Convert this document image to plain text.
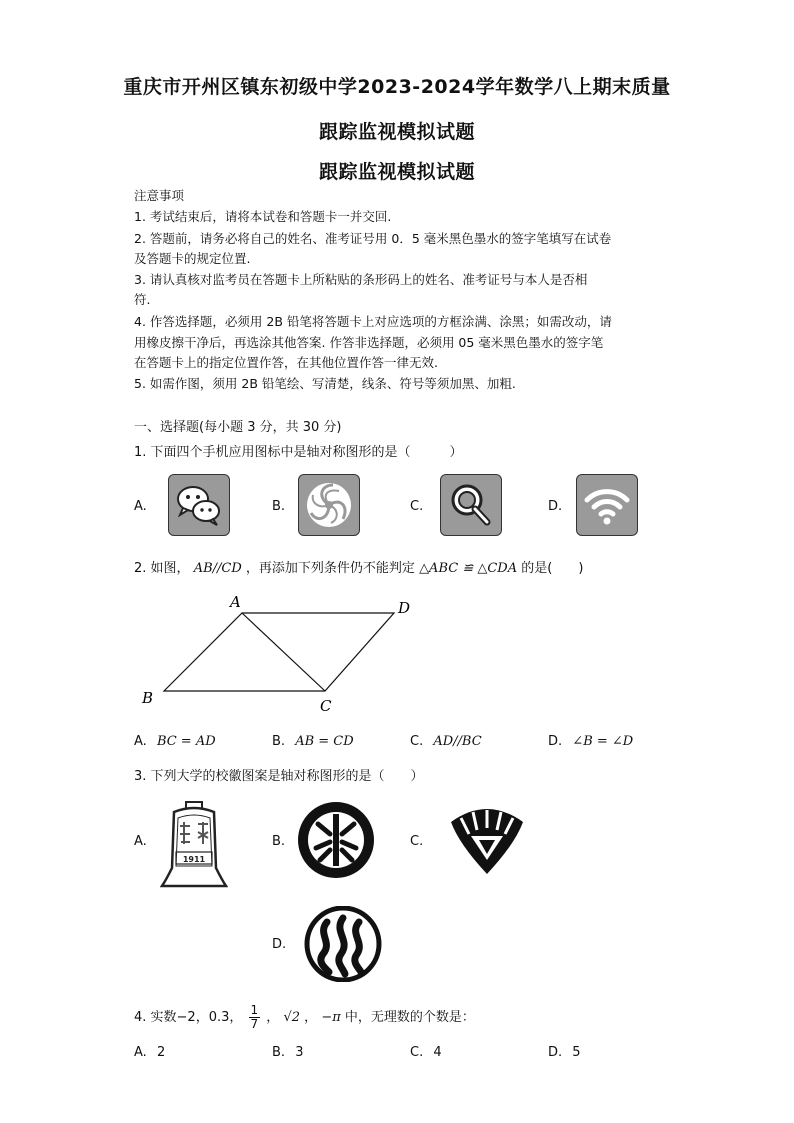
重庆市开州区镇东初级中学2023-2024学年数学八上期末质量
跟踪监视模拟试题
跟踪监视模拟试题
注意事项
1. 考试结束后，请将本试卷和答题卡一并交回.
2. 答题前，请务必将自己的姓名、准考证号用 0．5 毫米黑色墨水的签字笔填写在试卷
及答题卡的规定位置.
3. 请认真核对监考员在答题卡上所粘贴的条形码上的姓名、准考证号与本人是否相
符.
4. 作答选择题，必须用 2B 铅笔将答题卡上对应选项的方框涂满、涂黑；如需改动，请
用橡皮擦干净后，再选涂其他答案. 作答非选择题，必须用 05 毫米黑色墨水的签字笔
在答题卡上的指定位置作答，在其他位置作答一律无效.
5. 如需作图，须用 2B 铅笔绘、写清楚，线条、符号等须加黑、加粗.
一、选择题(每小题 3 分，共 30 分)
1. 下面四个手机应用图标中是轴对称图形的是（　　　）
A.	B.	C.	D.
2. 如图， AB//CD ，再添加下列条件仍不能判定 △ABC ≌ △CDA 的是(　　)
A	D
B	C
A. BC = AD	B. AB = CD	C. AD//BC	D. ∠B = ∠D
3. 下列大学的校徽图案是轴对称图形的是（　　）
A.
1911
B.	C.
D.
4. 实数−2，0.3， $\frac{1}{7}$ ， √2 ， −π 中，无理数的个数是：
A. 2	B. 3	C. 4	D. 5
